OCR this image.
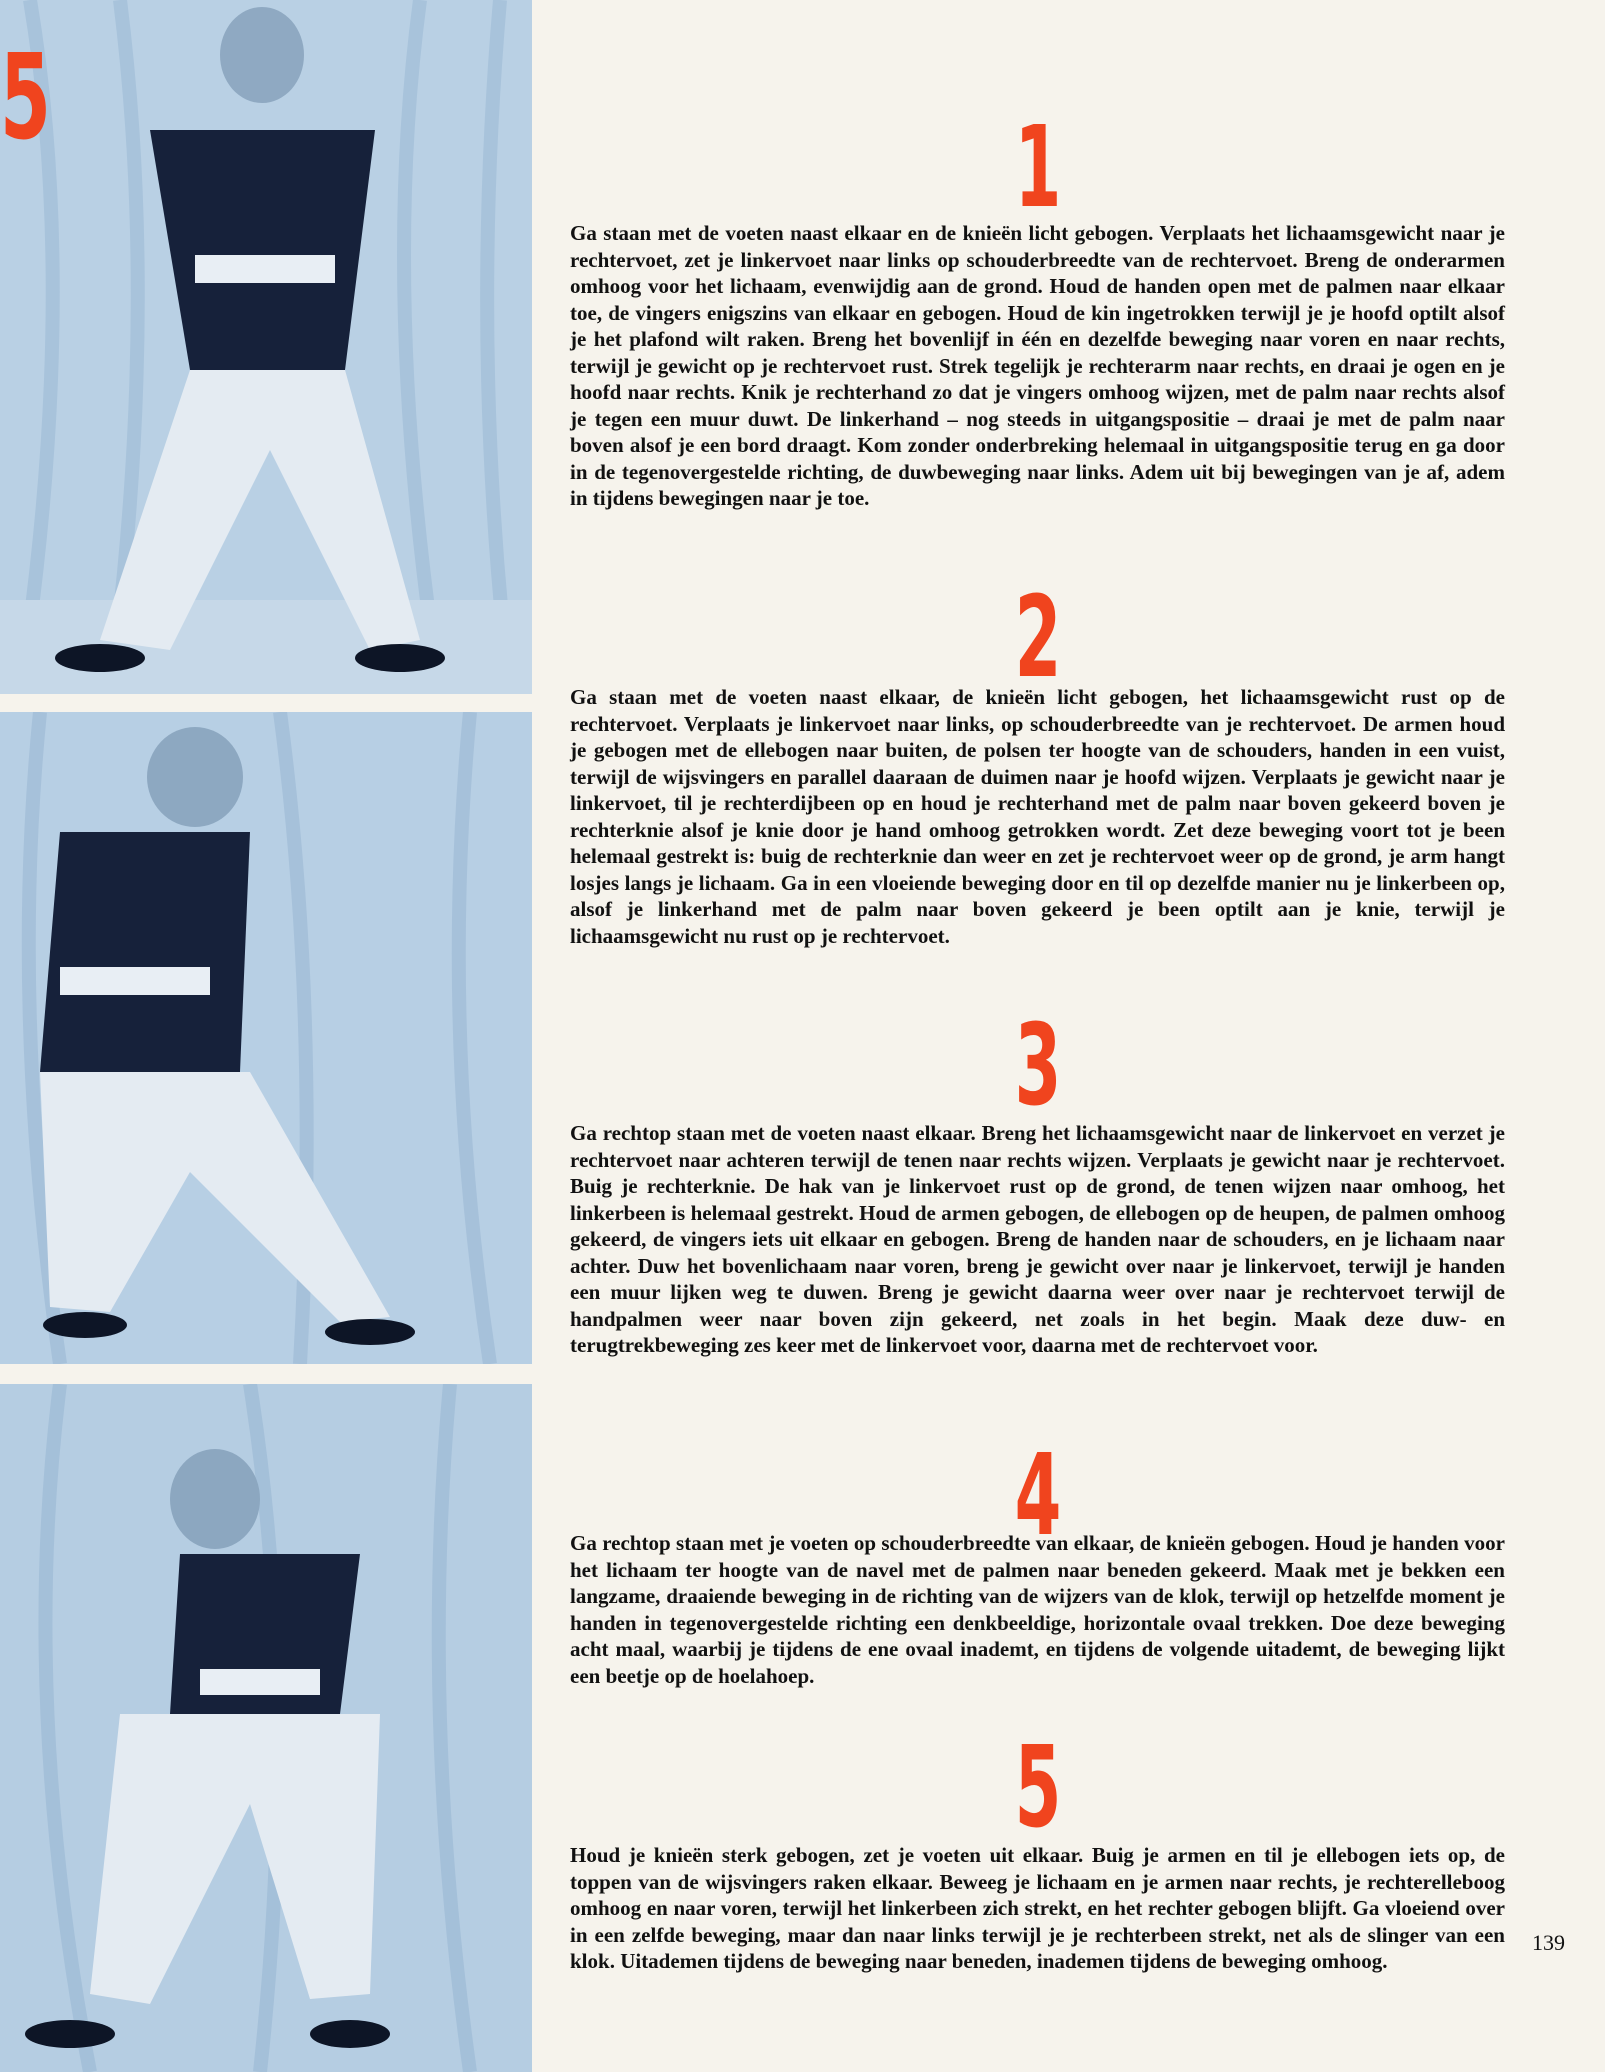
5
1

Ga staan met de voeten naast elkaar en de knieën licht gebogen. Verplaats het lichaamsgewicht naar je rechtervoet, zet je linkervoet naar links op schouderbreedte van de rechtervoet. Breng de onderarmen omhoog voor het lichaam, evenwijdig aan de grond. Houd de handen open met de palmen naar elkaar toe, de vingers enigszins van elkaar en gebogen. Houd de kin ingetrokken terwijl je je hoofd optilt alsof je het plafond wilt raken. Breng het bovenlijf in één en dezelfde beweging naar voren en naar rechts, terwijl je gewicht op je rechtervoet rust. Strek tegelijk je rechterarm naar rechts, en draai je ogen en je hoofd naar rechts. Knik je rechterhand zo dat je vingers omhoog wijzen, met de palm naar rechts alsof je tegen een muur duwt. De linkerhand – nog steeds in uitgangspositie – draai je met de palm naar boven alsof je een bord draagt. Kom zonder onderbreking helemaal in uitgangspositie terug en ga door in de tegenovergestelde richting, de duwbeweging naar links. Adem uit bij bewegingen van je af, adem in tijdens bewegingen naar je toe.

2

Ga staan met de voeten naast elkaar, de knieën licht gebogen, het lichaamsgewicht rust op de rechtervoet. Verplaats je linkervoet naar links, op schouderbreedte van je rechtervoet. De armen houd je gebogen met de ellebogen naar buiten, de polsen ter hoogte van de schouders, handen in een vuist, terwijl de wijsvingers en parallel daaraan de duimen naar je hoofd wijzen. Verplaats je gewicht naar je linkervoet, til je rechterdijbeen op en houd je rechterhand met de palm naar boven gekeerd boven je rechterknie alsof je knie door je hand omhoog getrokken wordt. Zet deze beweging voort tot je been helemaal gestrekt is: buig de rechterknie dan weer en zet je rechtervoet weer op de grond, je arm hangt losjes langs je lichaam. Ga in een vloeiende beweging door en til op dezelfde manier nu je linkerbeen op, alsof je linkerhand met de palm naar boven gekeerd je been optilt aan je knie, terwijl je lichaamsgewicht nu rust op je rechtervoet.

3

Ga rechtop staan met de voeten naast elkaar. Breng het lichaamsgewicht naar de linkervoet en verzet je rechtervoet naar achteren terwijl de tenen naar rechts wijzen. Verplaats je gewicht naar je rechtervoet. Buig je rechterknie. De hak van je linkervoet rust op de grond, de tenen wijzen naar omhoog, het linkerbeen is helemaal gestrekt. Houd de armen gebogen, de ellebogen op de heupen, de palmen omhoog gekeerd, de vingers iets uit elkaar en gebogen. Breng de handen naar de schouders, en je lichaam naar achter. Duw het bovenlichaam naar voren, breng je gewicht over naar je linkervoet, terwijl je handen een muur lijken weg te duwen. Breng je gewicht daarna weer over naar je rechtervoet terwijl de handpalmen weer naar boven zijn gekeerd, net zoals in het begin. Maak deze duw- en terugtrekbeweging zes keer met de linkervoet voor, daarna met de rechtervoet voor.

4

Ga rechtop staan met je voeten op schouderbreedte van elkaar, de knieën gebogen. Houd je handen voor het lichaam ter hoogte van de navel met de palmen naar beneden gekeerd. Maak met je bekken een langzame, draaiende beweging in de richting van de wijzers van de klok, terwijl op hetzelfde moment je handen in tegenovergestelde richting een denkbeeldige, horizontale ovaal trekken. Doe deze beweging acht maal, waarbij je tijdens de ene ovaal inademt, en tijdens de volgende uitademt, de beweging lijkt een beetje op de hoelahoep.

5

Houd je knieën sterk gebogen, zet je voeten uit elkaar. Buig je armen en til je ellebogen iets op, de toppen van de wijsvingers raken elkaar. Beweeg je lichaam en je armen naar rechts, je rechterelleboog omhoog en naar voren, terwijl het linkerbeen zich strekt, en het rechter gebogen blijft. Ga vloeiend over in een zelfde beweging, maar dan naar links terwijl je je rechterbeen strekt, net als de slinger van een klok. Uitademen tijdens de beweging naar beneden, inademen tijdens de beweging omhoog.

139
